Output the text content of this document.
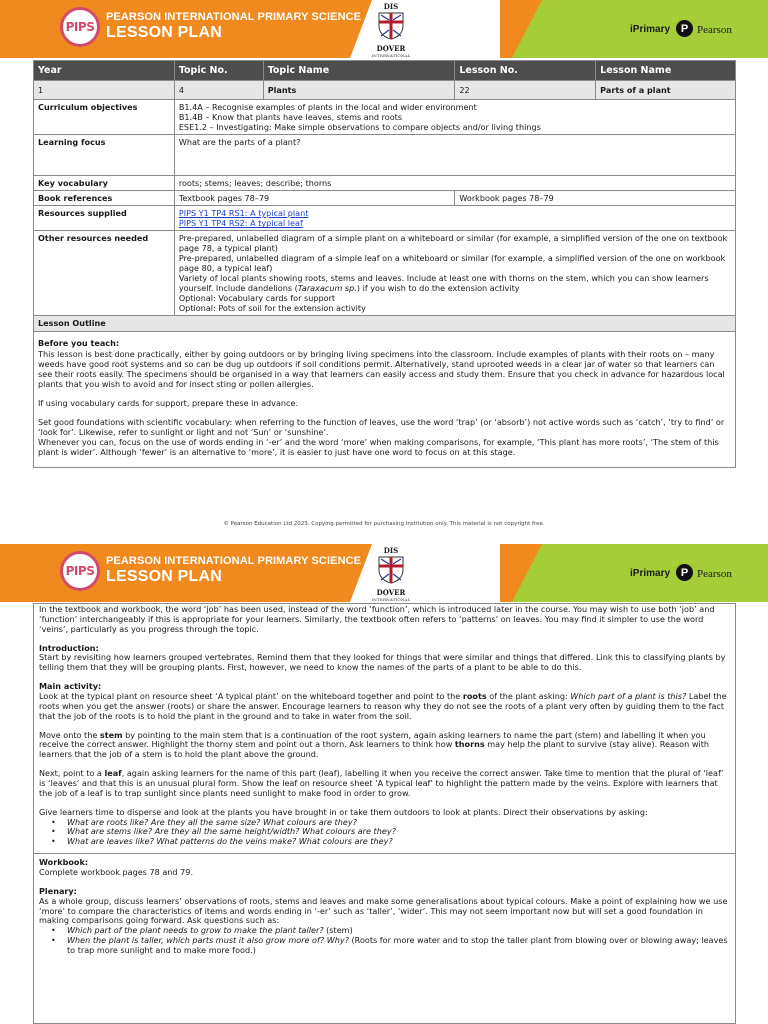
PIPS
PEARSON INTERNATIONAL PRIMARY SCIENCE
LESSON PLAN
DIS
DOVER
INTERNATIONAL
iPrimary P Pearson
Year	Topic No.	Topic Name	Lesson No.	Lesson Name
1	4	Plants	22	Parts of a plant
Curriculum objectives	B1.4A – Recognise examples of plants in the local and wider environment
B1.4B – Know that plants have leaves, stems and roots
ESE1.2 – Investigating: Make simple observations to compare objects and/or living things			

Learning focus	What are the parts of a plant?			
Key vocabulary	roots; stems; leaves; describe; thorns			
Book references	Textbook pages 78–79		Workbook pages 78–79	
Resources supplied	PIPS Y1 TP4 RS1: A typical plant
PIPS Y1 TP4 RS2: A typical leaf			

Other resources needed	Pre-prepared, unlabelled diagram of a simple plant on a whiteboard or similar (for example, a simplified version of the one on textbook page 78, a typical plant)
Pre-prepared, unlabelled diagram of a simple leaf on a whiteboard or similar (for example, a simplified version of the one on workbook page 80, a typical leaf)
Variety of local plants showing roots, stems and leaves. Include at least one with thorns on the stem, which you can show learners yourself. Include dandelions (Taraxacum sp.) if you wish to do the extension activity
Optional: Vocabulary cards for support
Optional: Pots of soil for the extension activity			

Lesson Outline				

Before you teach:
This lesson is best done practically, either by going outdoors or by bringing living specimens into the classroom. Include examples of plants with their roots on – many weeds have good root systems and so can be dug up outdoors if soil conditions permit. Alternatively, stand uprooted weeds in a clear jar of water so that learners can see their roots easily. The specimens should be organised in a way that learners can easily access and study them. Ensure that you check in advance for hazardous local plants that you wish to avoid and for insect sting or pollen allergies.
If using vocabulary cards for support, prepare these in advance.
Set good foundations with scientific vocabulary: when referring to the function of leaves, use the word ‘trap’ (or ‘absorb’) not active words such as ‘catch’, ‘try to find’ or ‘look for’. Likewise, refer to sunlight or light and not ‘Sun’ or ‘sunshine’.
Whenever you can, focus on the use of words ending in ‘-er’ and the word ‘more’ when making comparisons, for example, ‘This plant has more roots’, ‘The stem of this plant is wider’. Although ‘fewer’ is an alternative to ‘more’, it is easier to just have one word to focus on at this stage.				
© Pearson Education Ltd 2023. Copying permitted for purchasing institution only. This material is not copyright free.
PIPS
PEARSON INTERNATIONAL PRIMARY SCIENCE
LESSON PLAN
DIS
DOVER
INTERNATIONAL
iPrimary P Pearson

In the textbook and workbook, the word ‘job’ has been used, instead of the word ‘function’, which is introduced later in the course. You may wish to use both ‘job’ and ‘function’ interchangeably if this is appropriate for your learners. Similarly, the textbook often refers to ‘patterns’ on leaves. You may find it simpler to use the word ‘veins’, particularly as you progress through the topic.

Introduction:

Start by revisiting how learners grouped vertebrates. Remind them that they looked for things that were similar and things that differed. Link this to classifying plants by telling them that they will be grouping plants. First, however, we need to know the names of the parts of a plant to be able to do this.

Main activity:

Look at the typical plant on resource sheet ‘A typical plant’ on the whiteboard together and point to the roots of the plant asking: Which part of a plant is this? Label the roots when you get the answer (roots) or share the answer. Encourage learners to reason why they do not see the roots of a plant very often by guiding them to the fact that the job of the roots is to hold the plant in the ground and to take in water from the soil.

Move onto the stem by pointing to the main stem that is a continuation of the root system, again asking learners to name the part (stem) and labelling it when you receive the correct answer. Highlight the thorny stem and point out a thorn. Ask learners to think how thorns may help the plant to survive (stay alive). Reason with learners that the job of a stem is to hold the plant above the ground.

Next, point to a leaf, again asking learners for the name of this part (leaf), labelling it when you receive the correct answer. Take time to mention that the plural of ‘leaf’ is ‘leaves’ and that this is an unusual plural form. Show the leaf on resource sheet ‘A typical leaf’ to highlight the pattern made by the veins. Explore with learners that the job of a leaf is to trap sunlight since plants need sunlight to make food in order to grow.

Give learners time to disperse and look at the plants you have brought in or take them outdoors to look at plants. Direct their observations by asking:
• What are roots like? Are they all the same size? What colours are they?
• What are stems like? Are they all the same height/width? What colours are they?
• What are leaves like? What patterns do the veins make? What colours are they?
Workbook:

Complete workbook pages 78 and 79.

Plenary:
As a whole group, discuss learners’ observations of roots, stems and leaves and make some generalisations about typical colours. Make a point of explaining how we use ‘more’ to compare the characteristics of items and words ending in ‘-er’ such as ‘taller’, ‘wider’. This may not seem important now but will set a good foundation in making comparisons going forward. Ask questions such as:
• Which part of the plant needs to grow to make the plant taller? (stem)
• When the plant is taller, which parts must it also grow more of? Why? (Roots for more water and to stop the taller plant from blowing over or blowing away; leaves to trap more sunlight and to make more food.)
